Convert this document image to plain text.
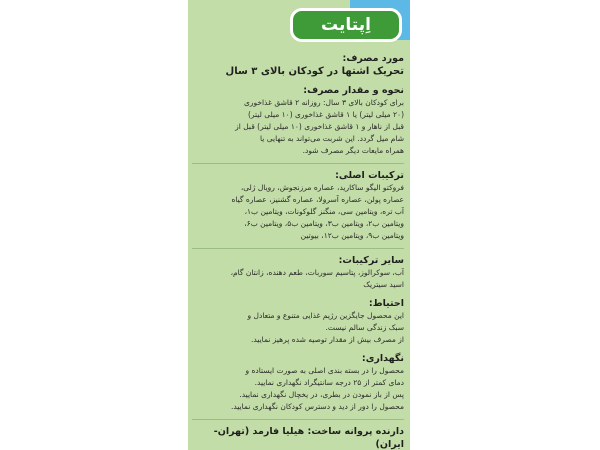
اِپتایت
مورد مصرف:
تحریک اشتها در کودکان بالای ۳ سال
نحوه و مقدار مصرف:
برای کودکان بالای ۳ سال: روزانه ۲ قاشق غذاخوری
(۲۰ میلی لیتر) یا ۱ قاشق غذاخوری (۱۰ میلی لیتر)
قبل از ناهار و ۱ قاشق غذاخوری (۱۰ میلی لیتر) قبل از
شام میل گردد. این شربت می‌تواند به تنهایی یا
همراه مایعات دیگر مصرف شود.
ترکیبات اصلی:
فروکتو الیگو ساکارید، عصاره مرزنجوش، رویال ژلی،
عصاره پولن، عصاره آسرولا، عصاره گشنیز، عصاره گیاه
آب تره، ویتامین سی، منگنز گلوکونات، ویتامین ب۱،
ویتامین ب۲، ویتامین ب۳، ویتامین ب۵، ویتامین ب۶،
ویتامین ب۹، ویتامین ب۱۲، بیوتین
سایر ترکیبات:
آب، سوکرالوز، پتاسیم سوربات، طعم دهنده، زانتان گام،
اسید سیتریک
احتیاط:
این محصول جایگزین رژیم غذایی متنوع و متعادل و
سبک زندگی سالم نیست.
از مصرف بیش از مقدار توصیه شده پرهیز نمایید.
نگهداری:
محصول را در بسته بندی اصلی به صورت ایستاده و
دمای کمتر از ۲۵ درجه سانتیگراد نگهداری نمایید.
پس از باز نمودن در بطری، در یخچال نگهداری نمایید.
محصول را دور از دید و دسترس کودکان نگهداری نمایید.
دارنده پروانه ساخت: هیلیا فارمد (تهران-ایران)
